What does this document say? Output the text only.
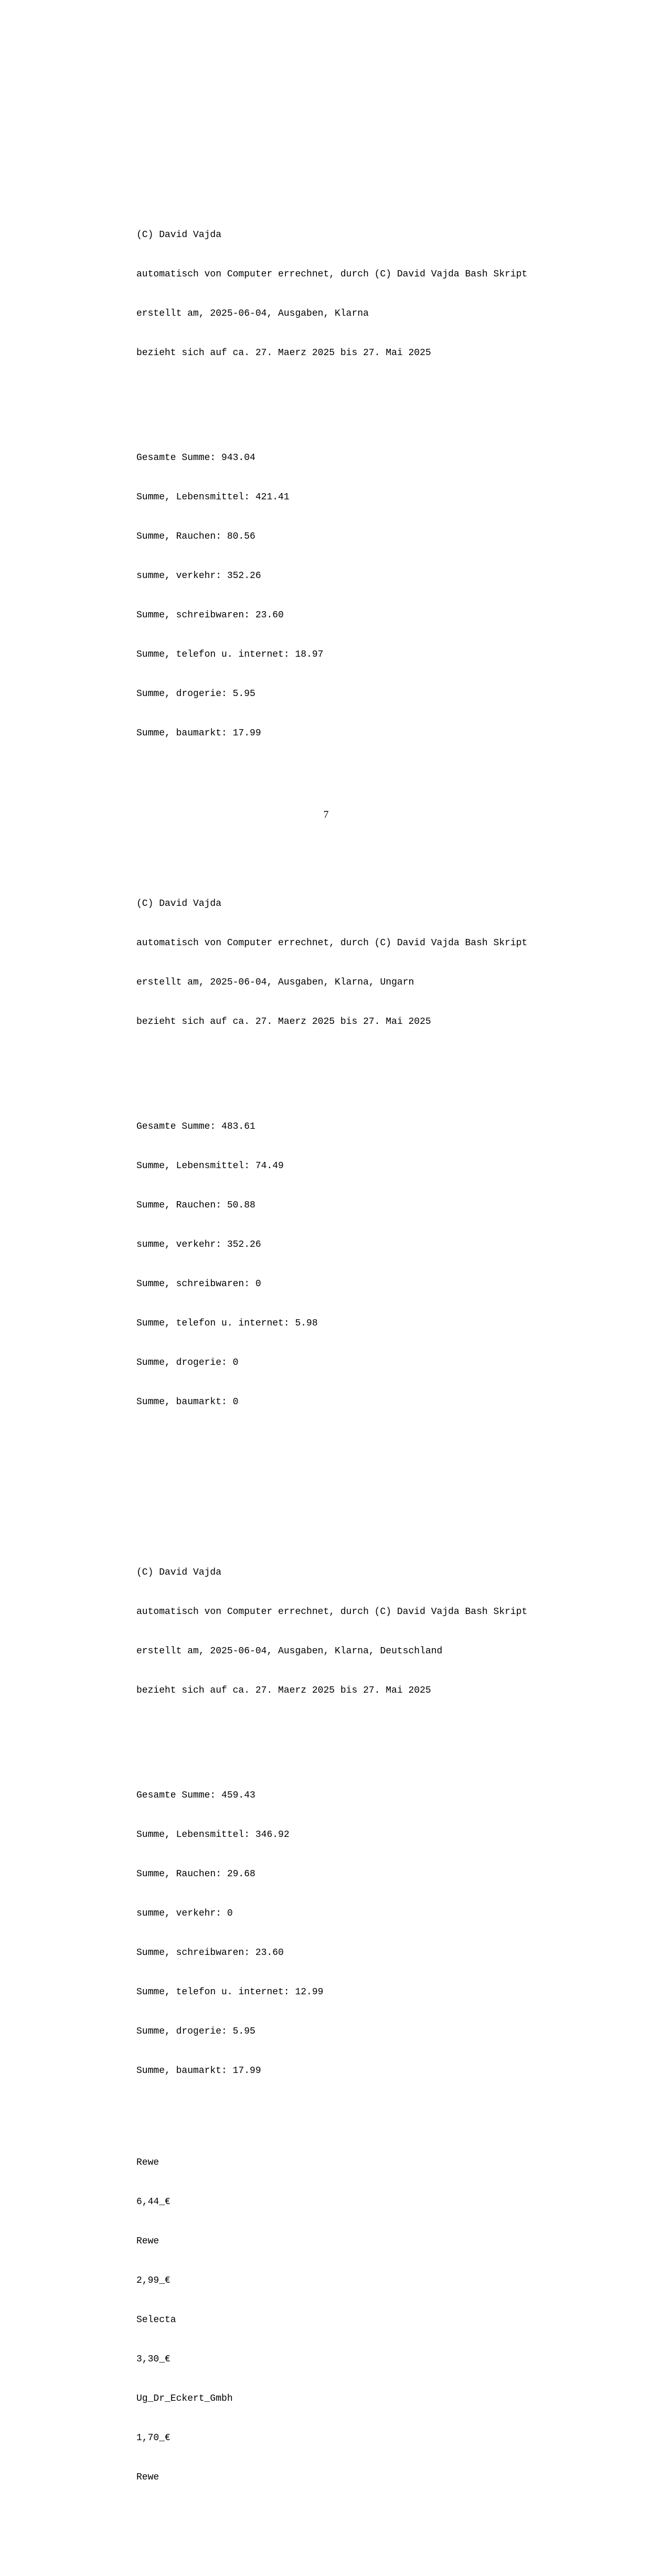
(C) David Vajda

automatisch von Computer errechnet, durch (C) David Vajda Bash Skript

erstellt am, 2025-06-04, Ausgaben, Klarna

bezieht sich auf ca. 27. Maerz 2025 bis 27. Mai 2025

Gesamte Summe: 943.04

Summe, Lebensmittel: 421.41

Summe, Rauchen: 80.56

summe, verkehr: 352.26

Summe, schreibwaren: 23.60

Summe, telefon u. internet: 18.97

Summe, drogerie: 5.95

Summe, baumarkt: 17.99

(C) David Vajda

automatisch von Computer errechnet, durch (C) David Vajda Bash Skript

erstellt am, 2025-06-04, Ausgaben, Klarna, Ungarn

bezieht sich auf ca. 27. Maerz 2025 bis 27. Mai 2025

Gesamte Summe: 483.61

Summe, Lebensmittel: 74.49

Summe, Rauchen: 50.88

summe, verkehr: 352.26

Summe, schreibwaren: 0

Summe, telefon u. internet: 5.98

Summe, drogerie: 0

Summe, baumarkt: 0

(C) David Vajda

automatisch von Computer errechnet, durch (C) David Vajda Bash Skript

erstellt am, 2025-06-04, Ausgaben, Klarna, Deutschland

bezieht sich auf ca. 27. Maerz 2025 bis 27. Mai 2025

Gesamte Summe: 459.43

Summe, Lebensmittel: 346.92

Summe, Rauchen: 29.68

summe, verkehr: 0

Summe, schreibwaren: 23.60

Summe, telefon u. internet: 12.99

Summe, drogerie: 5.95

Summe, baumarkt: 17.99

Rewe

6,44_€

Rewe

2,99_€

Selecta

3,30_€

Ug_Dr_Eckert_Gmbh

1,70_€

Rewe

7
